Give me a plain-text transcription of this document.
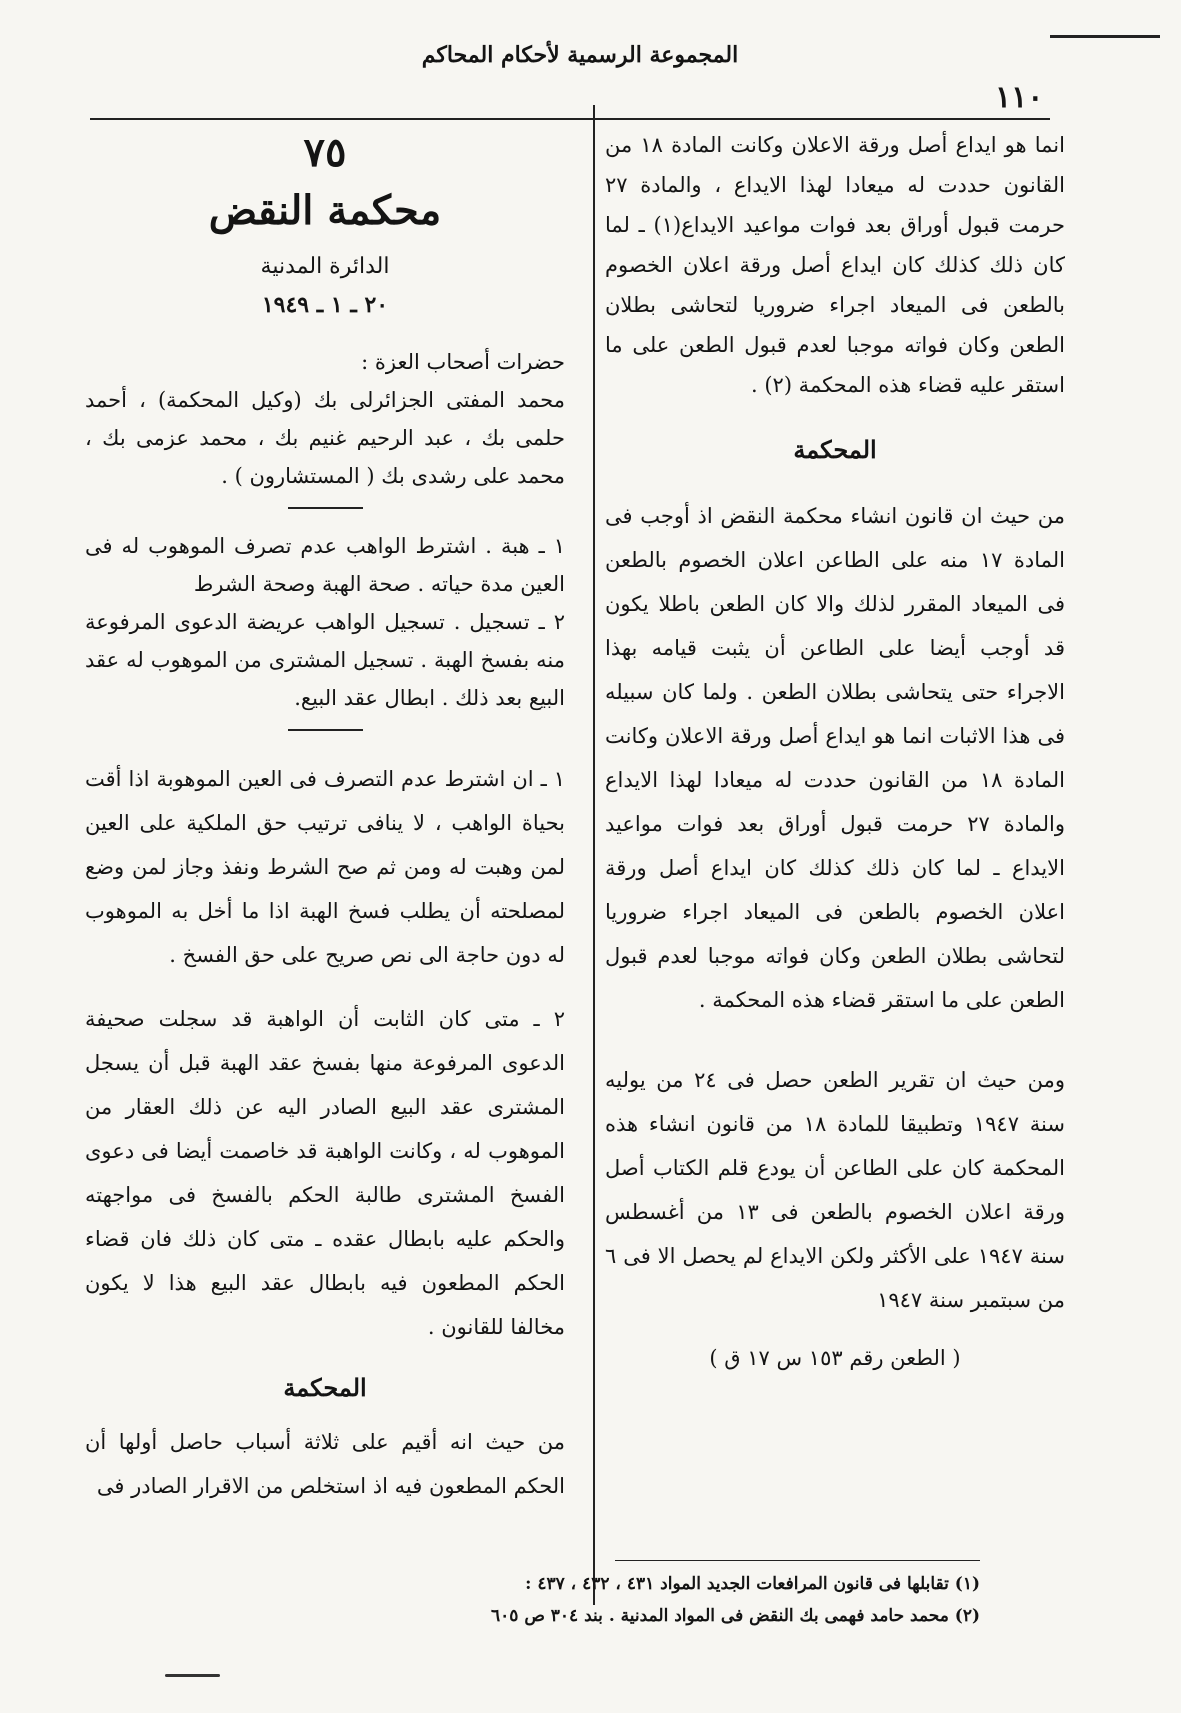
المجموعة الرسمية لأحكام المحاكم
١١٠

انما هو ايداع أصل ورقة الاعلان وكانت المادة ١٨ من القانون حددت له ميعادا لهذا الايداع ، والمادة ٢٧ حرمت قبول أوراق بعد فوات مواعيد الايداع(١) ـ لما كان ذلك كذلك كان ايداع أصل ورقة اعلان الخصوم بالطعن فى الميعاد اجراء ضروريا لتحاشى بطلان الطعن وكان فواته موجبا لعدم قبول الطعن على ما استقر عليه قضاء هذه المحكمة (٢) .

المحكمة

من حيث ان قانون انشاء محكمة النقض اذ أوجب فى المادة ١٧ منه على الطاعن اعلان الخصوم بالطعن فى الميعاد المقرر لذلك والا كان الطعن باطلا يكون قد أوجب أيضا على الطاعن أن يثبت قيامه بهذا الاجراء حتى يتحاشى بطلان الطعن . ولما كان سبيله فى هذا الاثبات انما هو ايداع أصل ورقة الاعلان وكانت المادة ١٨ من القانون حددت له ميعادا لهذا الايداع والمادة ٢٧ حرمت قبول أوراق بعد فوات مواعيد الايداع ـ لما كان ذلك كذلك كان ايداع أصل ورقة اعلان الخصوم بالطعن فى الميعاد اجراء ضروريا لتحاشى بطلان الطعن وكان فواته موجبا لعدم قبول الطعن على ما استقر قضاء هذه المحكمة .

ومن حيث ان تقرير الطعن حصل فى ٢٤ من يوليه سنة ١٩٤٧ وتطبيقا للمادة ١٨ من قانون انشاء هذه المحكمة كان على الطاعن أن يودع قلم الكتاب أصل ورقة اعلان الخصوم بالطعن فى ١٣ من أغسطس سنة ١٩٤٧ على الأكثر ولكن الايداع لم يحصل الا فى ٦ من سبتمبر سنة ١٩٤٧

( الطعن رقم ١٥٣ س ١٧ ق )
٧٥
محكمة النقض
الدائرة المدنية
٢٠ ـ ١ ـ ١٩٤٩
حضرات أصحاب العزة :

محمد المفتى الجزائرلى بك (وكيل المحكمة) ، أحمد حلمى بك ، عبد الرحيم غنيم بك ، محمد عزمى بك ، محمد على رشدى بك ( المستشارون ) .

١ ـ هبة . اشترط الواهب عدم تصرف الموهوب له فى العين مدة حياته . صحة الهبة وصحة الشرط

٢ ـ تسجيل . تسجيل الواهب عريضة الدعوى المرفوعة منه بفسخ الهبة . تسجيل المشترى من الموهوب له عقد البيع بعد ذلك . ابطال عقد البيع.

١ ـ ان اشترط عدم التصرف فى العين الموهوبة اذا أقت بحياة الواهب ، لا ينافى ترتيب حق الملكية على العين لمن وهبت له ومن ثم صح الشرط ونفذ وجاز لمن وضع لمصلحته أن يطلب فسخ الهبة اذا ما أخل به الموهوب له دون حاجة الى نص صريح على حق الفسخ .

٢ ـ متى كان الثابت أن الواهبة قد سجلت صحيفة الدعوى المرفوعة منها بفسخ عقد الهبة قبل أن يسجل المشترى عقد البيع الصادر اليه عن ذلك العقار من الموهوب له ، وكانت الواهبة قد خاصمت أيضا فى دعوى الفسخ المشترى طالبة الحكم بالفسخ فى مواجهته والحكم عليه بابطال عقده ـ متى كان ذلك فان قضاء الحكم المطعون فيه بابطال عقد البيع هذا لا يكون مخالفا للقانون .

المحكمة

من حيث انه أقيم على ثلاثة أسباب حاصل أولها أن الحكم المطعون فيه اذ استخلص من الاقرار الصادر فى

(١) تقابلها فى قانون المرافعات الجديد المواد ٤٣١ ، ٤٣٢ ، ٤٣٧ :
(٢) محمد حامد فهمى بك النقض فى المواد المدنية . بند ٣٠٤ ص ٦٠٥
